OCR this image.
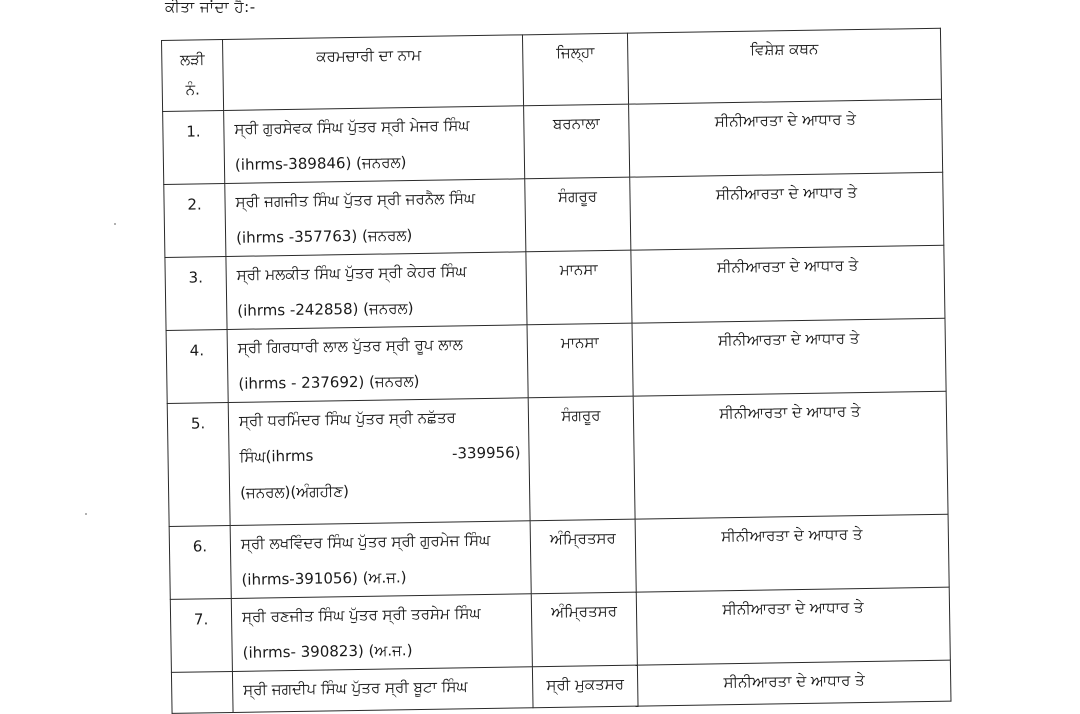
ਕੀਤਾ ਜਾਂਦਾ ਹੈ:-
ਲੜੀ
ਨੰ.	ਕਰਮਚਾਰੀ ਦਾ ਨਾਮ	ਜਿਲ੍ਹਾ	ਵਿਸ਼ੇਸ਼ ਕਥਨ

1.	ਸ੍ਰੀ ਗੁਰਸੇਵਕ ਸਿੰਘ ਪੁੱਤਰ ਸ੍ਰੀ ਮੇਜਰ ਸਿੰਘ
(ihrms-389846) (ਜਨਰਲ)	ਬਰਨਾਲਾ	ਸੀਨੀਆਰਤਾ ਦੇ ਆਧਾਰ ਤੇ

2.	ਸ੍ਰੀ ਜਗਜੀਤ ਸਿੰਘ ਪੁੱਤਰ ਸ੍ਰੀ ਜਰਨੈਲ ਸਿੰਘ
(ihrms -357763) (ਜਨਰਲ)	ਸੰਗਰੂਰ	ਸੀਨੀਆਰਤਾ ਦੇ ਆਧਾਰ ਤੇ

3.	ਸ੍ਰੀ ਮਲਕੀਤ ਸਿੰਘ ਪੁੱਤਰ ਸ੍ਰੀ ਕੇਹਰ ਸਿੰਘ
(ihrms -242858) (ਜਨਰਲ)	ਮਾਨਸਾ	ਸੀਨੀਆਰਤਾ ਦੇ ਆਧਾਰ ਤੇ

4.	ਸ੍ਰੀ ਗਿਰਧਾਰੀ ਲਾਲ ਪੁੱਤਰ ਸ੍ਰੀ ਰੂਪ ਲਾਲ
(ihrms - 237692) (ਜਨਰਲ)	ਮਾਨਸਾ	ਸੀਨੀਆਰਤਾ ਦੇ ਆਧਾਰ ਤੇ

5.	ਸ੍ਰੀ ਧਰਮਿੰਦਰ ਸਿੰਘ ਪੁੱਤਰ ਸ੍ਰੀ ਨਛੱਤਰ
ਸਿੰਘ(ihrms -339956)
(ਜਨਰਲ)(ਅੰਗਹੀਣ)	ਸੰਗਰੂਰ	ਸੀਨੀਆਰਤਾ ਦੇ ਆਧਾਰ ਤੇ

6.	ਸ੍ਰੀ ਲਖਵਿੰਦਰ ਸਿੰਘ ਪੁੱਤਰ ਸ੍ਰੀ ਗੁਰਮੇਜ ਸਿੰਘ
(ihrms-391056) (ਅ.ਜ.)	ਅੰਮ੍ਰਿਤਸਰ	ਸੀਨੀਆਰਤਾ ਦੇ ਆਧਾਰ ਤੇ

7.	ਸ੍ਰੀ ਰਣਜੀਤ ਸਿੰਘ ਪੁੱਤਰ ਸ੍ਰੀ ਤਰਸੇਮ ਸਿੰਘ
(ihrms- 390823) (ਅ.ਜ.)	ਅੰਮ੍ਰਿਤਸਰ	ਸੀਨੀਆਰਤਾ ਦੇ ਆਧਾਰ ਤੇ

	ਸ੍ਰੀ ਜਗਦੀਪ ਸਿੰਘ ਪੁੱਤਰ ਸ੍ਰੀ ਬੂਟਾ ਸਿੰਘ	ਸ੍ਰੀ ਮੁਕਤਸਰ	ਸੀਨੀਆਰਤਾ ਦੇ ਆਧਾਰ ਤੇ
